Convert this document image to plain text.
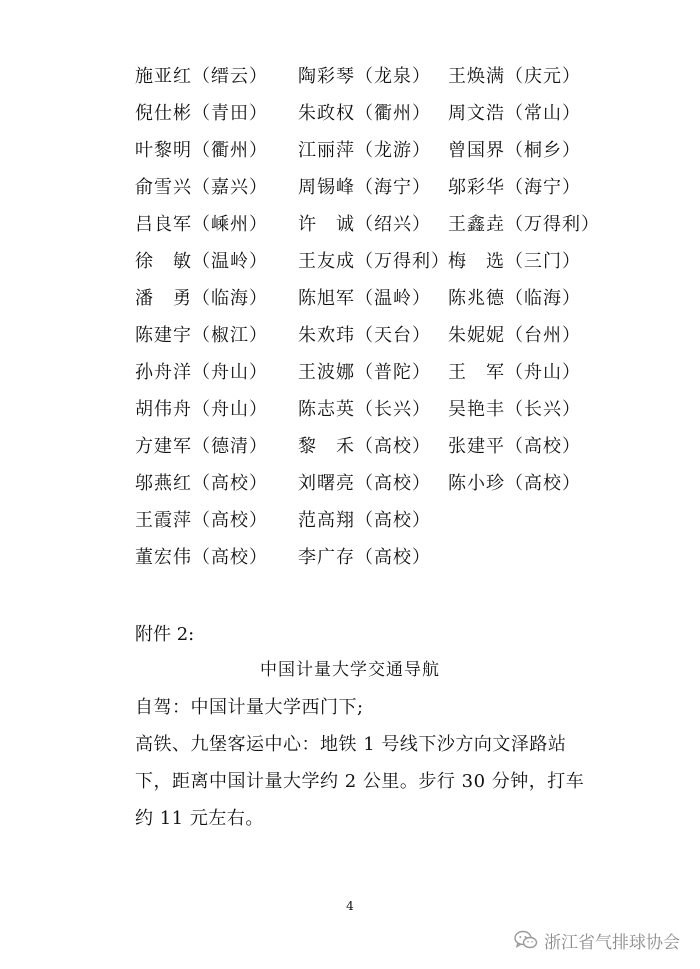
施亚红（缙云） 陶彩琴（龙泉） 王焕满（庆元）
倪仕彬（青田） 朱政权（衢州） 周文浩（常山）
叶黎明（衢州） 江丽萍（龙游） 曾国界（桐乡）
俞雪兴（嘉兴） 周锡峰（海宁） 邬彩华（海宁）
吕良军（嵊州） 许　诚（绍兴） 王鑫垚（万得利）
徐　敏（温岭） 王友成（万得利）
梅　选（三门）
潘　勇（临海） 陈旭军（温岭） 陈兆德（临海）
陈建宇（椒江） 朱欢玮（天台） 朱妮妮（台州）
孙舟洋（舟山） 王波娜（普陀） 王　军（舟山）
胡伟舟（舟山） 陈志英（长兴） 吴艳丰（长兴）
方建军（德清） 黎　禾（高校） 张建平（高校）
邬燕红（高校） 刘曙亮（高校） 陈小珍（高校）
王霞萍（高校） 范高翔（高校）
董宏伟（高校） 李广存（高校）
附件 2:
中国计量大学交通导航

自驾：中国计量大学西门下;

高铁、九堡客运中心：地铁 1 号线下沙方向文泽路站下，距离中国计量大学约 2 公里。步行 30 分钟，打车约 11 元左右。

4
浙江省气排球协会
